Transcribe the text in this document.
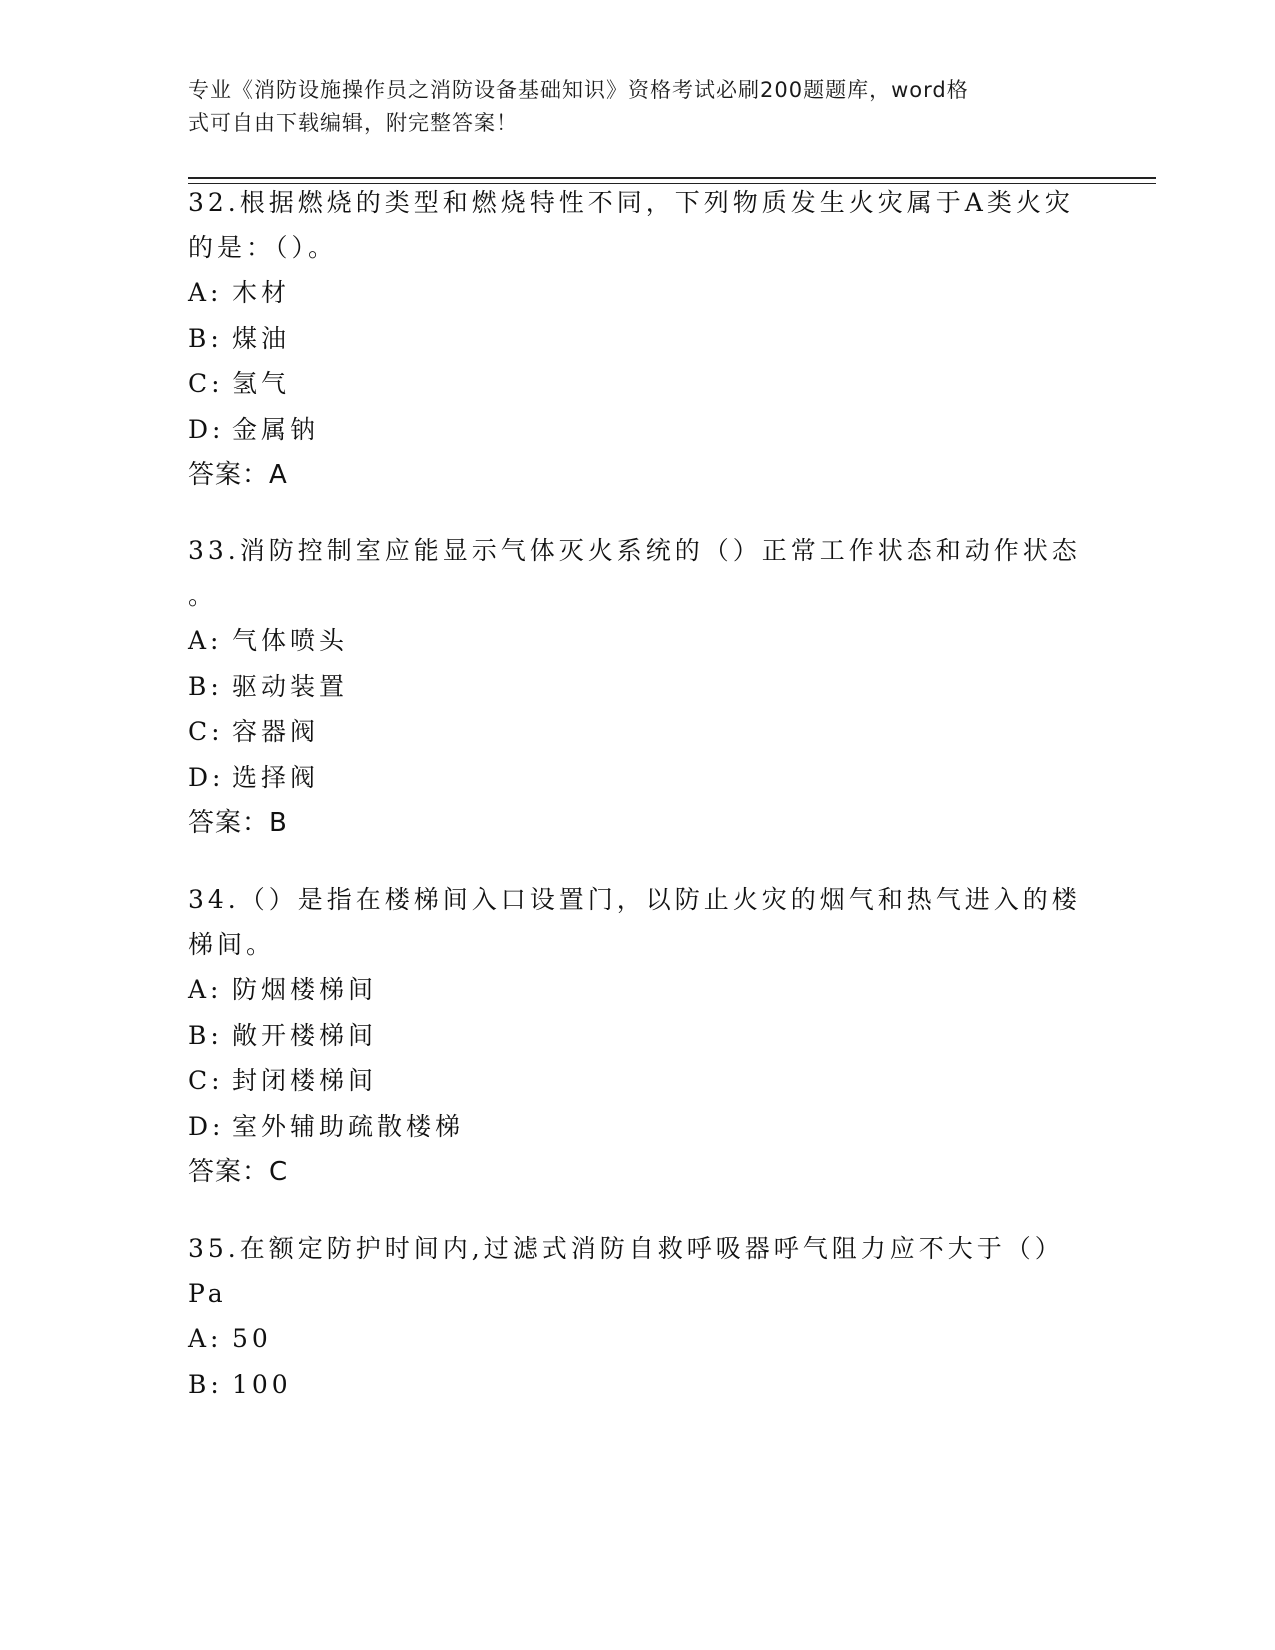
专业《消防设施操作员之消防设备基础知识》资格考试必刷200题题库，word格
式可自由下载编辑，附完整答案！

32.根据燃烧的类型和燃烧特性不同，下列物质发生火灾属于A类火灾

的是：（）。

A: 木材

B: 煤油

C: 氢气

D: 金属钠

答案：A

33.消防控制室应能显示气体灭火系统的（）正常工作状态和动作状态

。

A: 气体喷头

B: 驱动装置

C: 容器阀

D: 选择阀

答案：B

34.（）是指在楼梯间入口设置门，以防止火灾的烟气和热气进入的楼

梯间。

A: 防烟楼梯间

B: 敞开楼梯间

C: 封闭楼梯间

D: 室外辅助疏散楼梯

答案：C

35.在额定防护时间内,过滤式消防自救呼吸器呼气阻力应不大于（）

Pa

A: 50

B: 100
